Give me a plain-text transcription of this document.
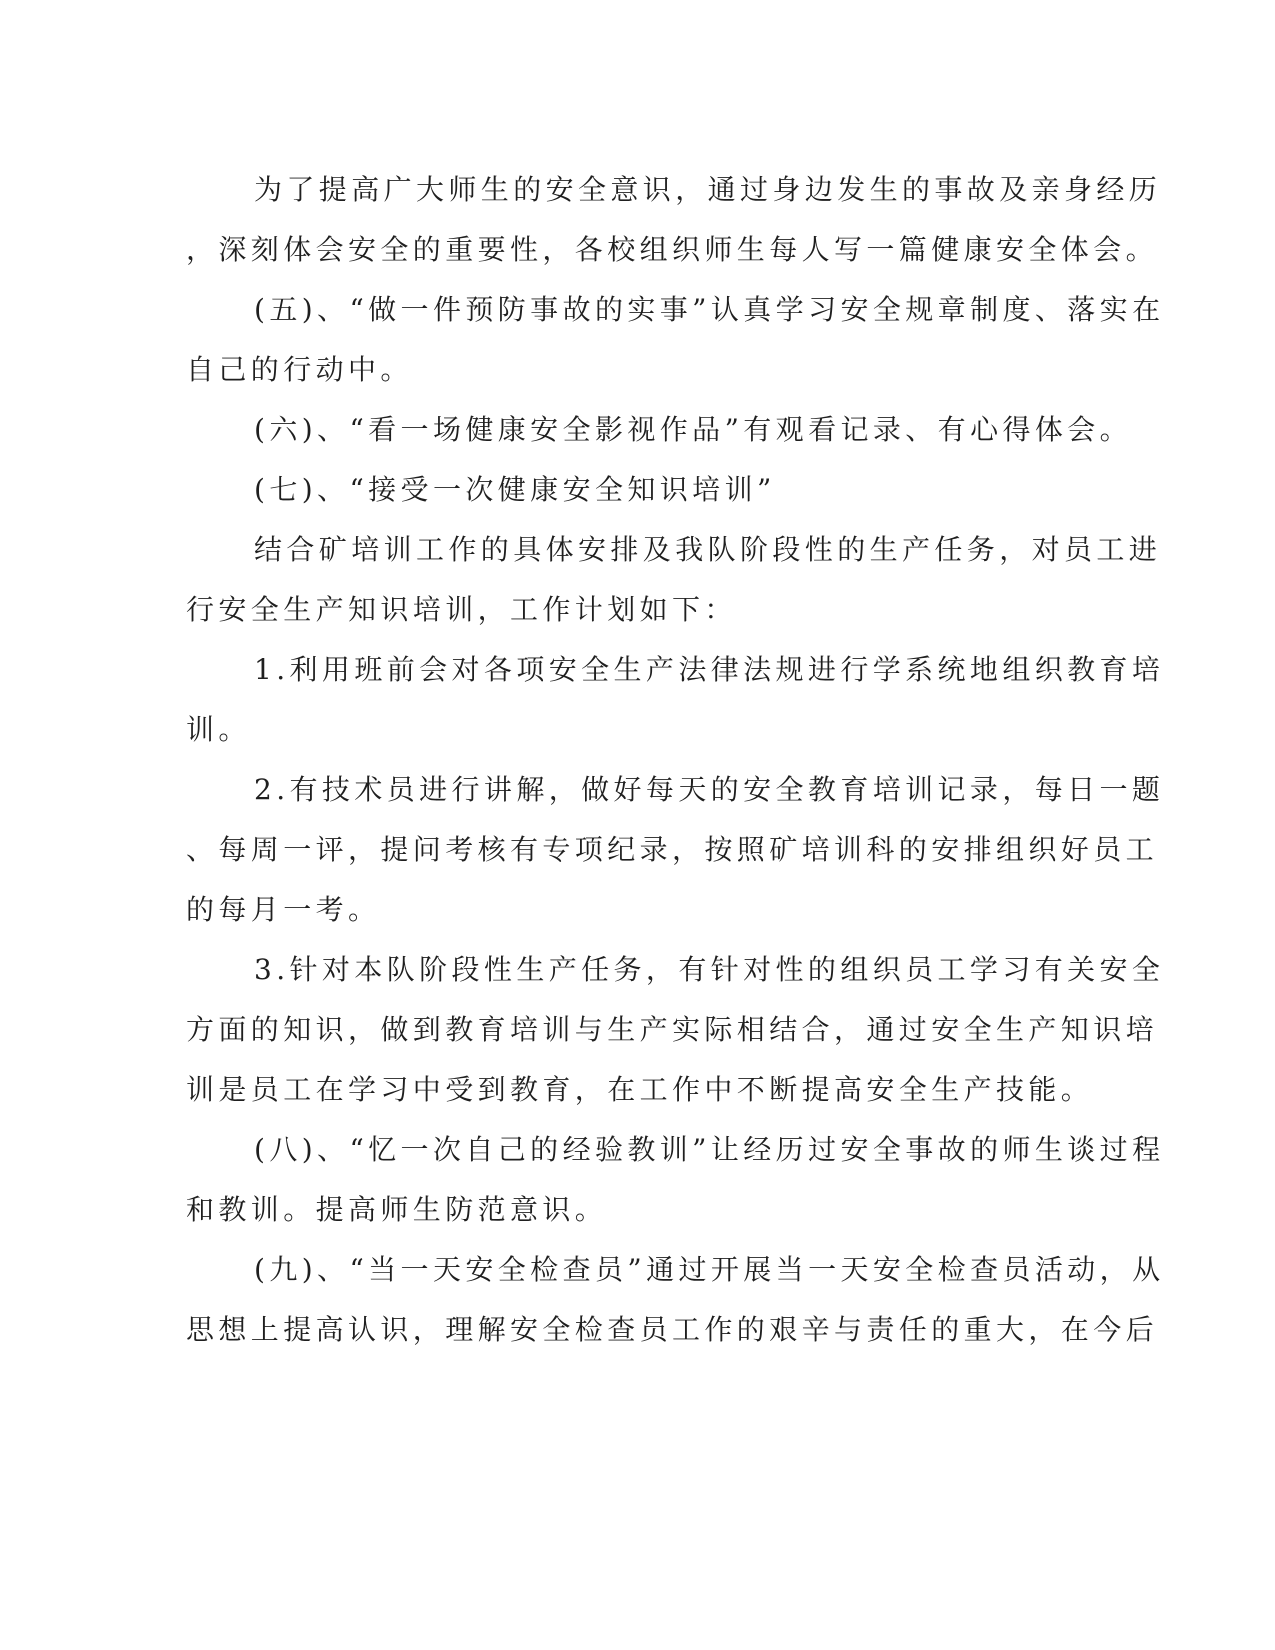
为了提高广大师生的安全意识，通过身边发生的事故及亲身经历
，深刻体会安全的重要性，各校组织师生每人写一篇健康安全体会。
(五)、“做一件预防事故的实事”认真学习安全规章制度、落实在
自己的行动中。
(六)、“看一场健康安全影视作品”有观看记录、有心得体会。
(七)、“接受一次健康安全知识培训”
结合矿培训工作的具体安排及我队阶段性的生产任务，对员工进
行安全生产知识培训，工作计划如下：
1.利用班前会对各项安全生产法律法规进行学系统地组织教育培
训。
2.有技术员进行讲解，做好每天的安全教育培训记录，每日一题
、每周一评，提问考核有专项纪录，按照矿培训科的安排组织好员工
的每月一考。
3.针对本队阶段性生产任务，有针对性的组织员工学习有关安全
方面的知识，做到教育培训与生产实际相结合，通过安全生产知识培
训是员工在学习中受到教育，在工作中不断提高安全生产技能。
(八)、“忆一次自己的经验教训”让经历过安全事故的师生谈过程
和教训。提高师生防范意识。
(九)、“当一天安全检查员”通过开展当一天安全检查员活动，从
思想上提高认识，理解安全检查员工作的艰辛与责任的重大，在今后
